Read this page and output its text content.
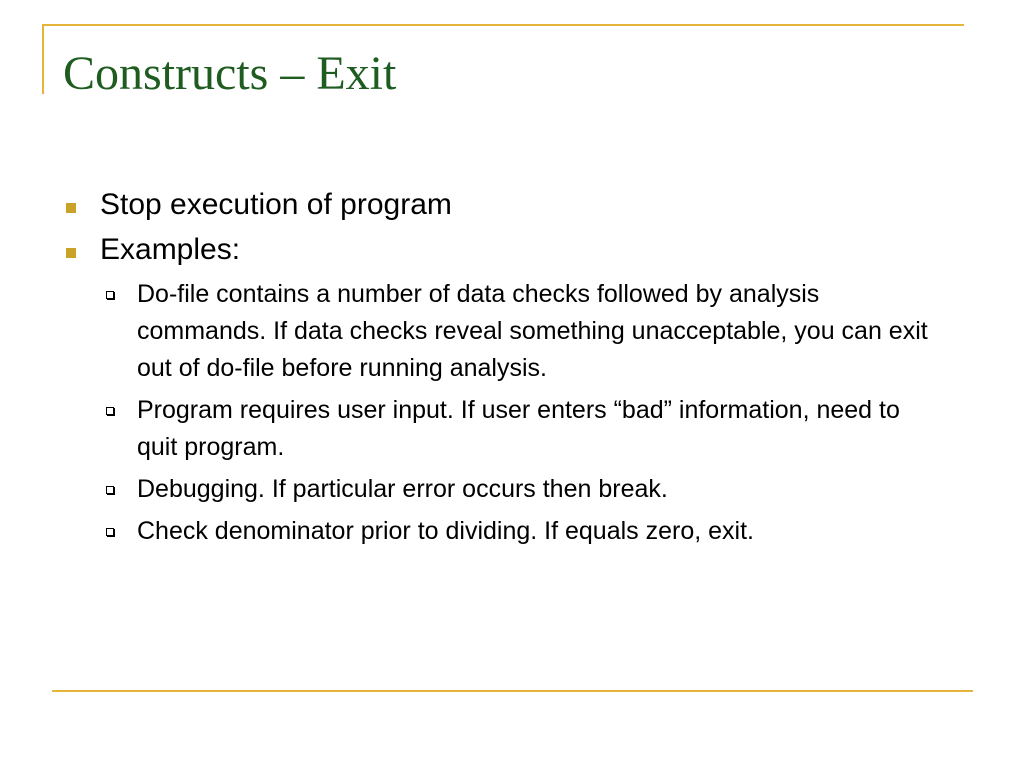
Constructs – Exit
Stop execution of program
Examples:
Do-file contains a number of data checks followed by analysis commands. If data checks reveal something unacceptable, you can exit out of do-file before running analysis.
Program requires user input. If user enters “bad” information, need to quit program.
Debugging. If particular error occurs then break.
Check denominator prior to dividing. If equals zero, exit.
